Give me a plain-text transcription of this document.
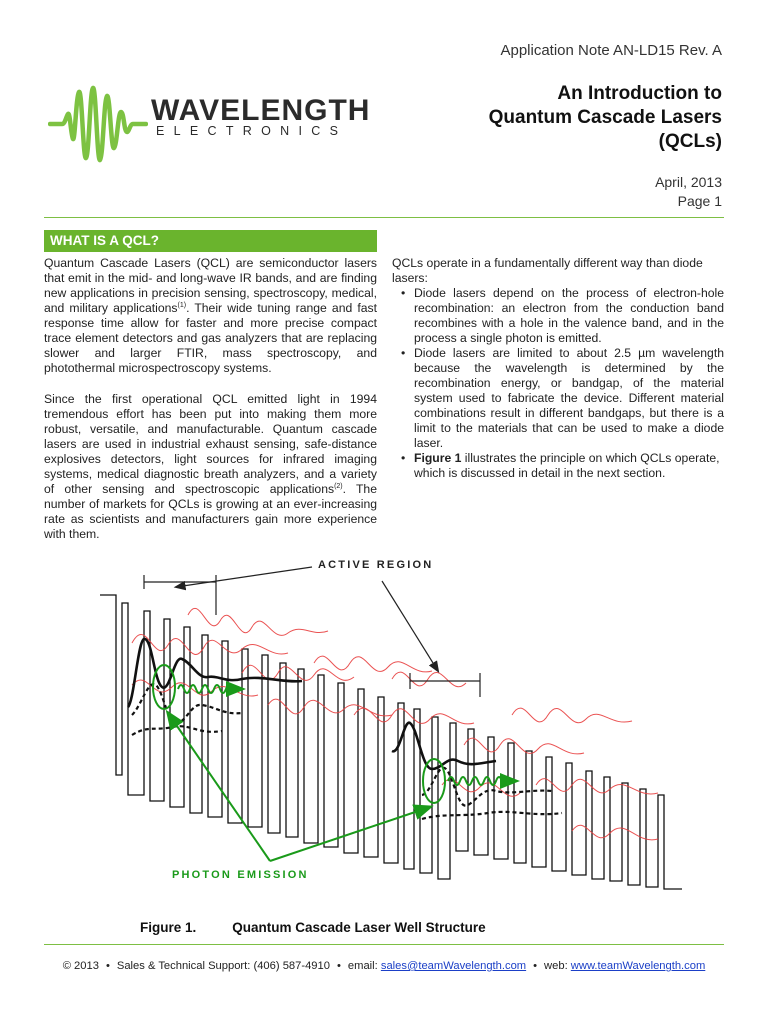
Application Note AN-LD15 Rev. A
An Introduction to
Quantum Cascade Lasers
(QCLs)
April, 2013
Page 1
WAVELENGTH
ELECTRONICS
WHAT IS A QCL?

Quantum Cascade Lasers (QCL) are semiconductor lasers that emit in the mid- and long-wave IR bands, and are finding new applications in precision sensing, spectroscopy, medical, and military applications$^{(1)}$. Their wide tuning range and fast response time allow for faster and more precise compact trace element detectors and gas analyzers that are replacing slower and larger FTIR, mass spectroscopy, and photothermal microspectroscopy systems.

Since the first operational QCL emitted light in 1994 tremendous effort has been put into making them more robust, versatile, and manufacturable. Quantum cascade lasers are used in industrial exhaust sensing, safe-distance explosives detectors, light sources for infrared imaging systems, medical diagnostic breath analyzers, and a variety of other sensing and spectroscopic applications$^{(2)}$. The number of markets for QCLs is growing at an ever-increasing rate as scientists and manufacturers gain more experience with them.

QCLs operate in a fundamentally different way than diode lasers:

• Diode lasers depend on the process of electron-hole recombination: an electron from the conduction band recombines with a hole in the valence band, and in the process a single photon is emitted.
• Diode lasers are limited to about 2.5 µm wavelength because the wavelength is determined by the recombination energy, or bandgap, of the material system used to fabricate the device. Different material combinations result in different bandgaps, but there is a limit to the materials that can be used to make a diode laser.
• Figure 1 illustrates the principle on which QCLs operate, which is discussed in detail in the next section.
ACTIVE REGION
PHOTON EMISSION
Figure 1.	Quantum Cascade Laser Well Structure
© 2013 • Sales & Technical Support: (406) 587-4910 • email: sales@teamWavelength.com • web: www.teamWavelength.com
